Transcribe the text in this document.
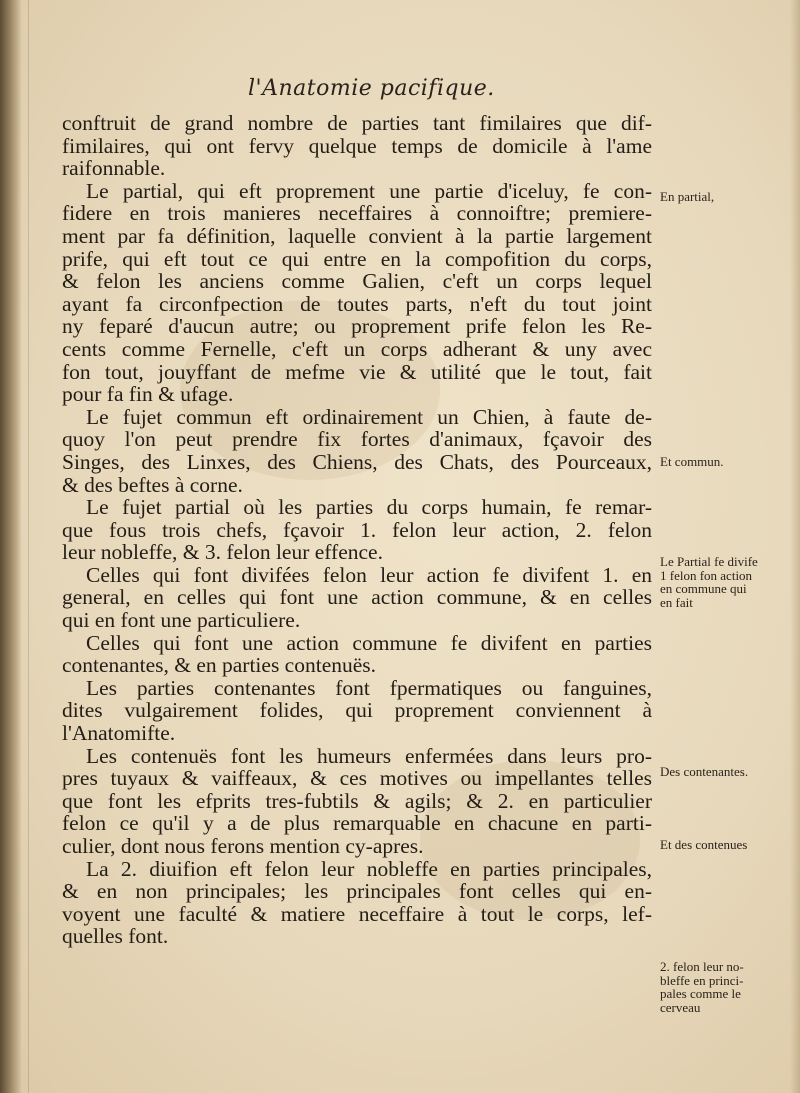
l'Anatomie pacifique.
conftruit de grand nombre de parties tant fimilaires que dif-
fimilaires, qui ont fervy quelque temps de domicile à l'ame
raifonnable.
Le partial, qui eft proprement une partie d'iceluy, fe con-
fidere en trois manieres neceffaires à connoiftre; premiere-
ment par fa définition, laquelle convient à la partie largement
prife, qui eft tout ce qui entre en la compofition du corps,
& felon les anciens comme Galien, c'eft un corps lequel
ayant fa circonfpection de toutes parts, n'eft du tout joint
ny feparé d'aucun autre; ou proprement prife felon les Re-
cents comme Fernelle, c'eft un corps adherant & uny avec
fon tout, jouyffant de mefme vie & utilité que le tout, fait
pour fa fin & ufage.
Le fujet commun eft ordinairement un Chien, à faute de-
quoy l'on peut prendre fix fortes d'animaux, fçavoir des
Singes, des Linxes, des Chiens, des Chats, des Pourceaux,
& des beftes à corne.
Le fujet partial où les parties du corps humain, fe remar-
que fous trois chefs, fçavoir 1. felon leur action, 2. felon
leur nobleffe, & 3. felon leur effence.
Celles qui font divifées felon leur action fe divifent 1. en
general, en celles qui font une action commune, & en celles
qui en font une particuliere.
Celles qui font une action commune fe divifent en parties
contenantes, & en parties contenuës.
Les parties contenantes font fpermatiques ou fanguines,
dites vulgairement folides, qui proprement conviennent à
l'Anatomifte.
Les contenuës font les humeurs enfermées dans leurs pro-
pres tuyaux & vaiffeaux, & ces motives ou impellantes telles
que font les efprits tres-fubtils & agils; & 2. en particulier
felon ce qu'il y a de plus remarquable en chacune en parti-
culier, dont nous ferons mention cy-apres.
La 2. diuifion eft felon leur nobleffe en parties principales,
& en non principales; les principales font celles qui en-
voyent une faculté & matiere neceffaire à tout le corps, lef-
quelles font.
En partial,
Et commun.
Le Partial fe divife
1 felon fon action
en commune qui
en fait
Des contenantes.
Et des contenues
2. felon leur no-
bleffe en princi-
pales comme le
cerveau
